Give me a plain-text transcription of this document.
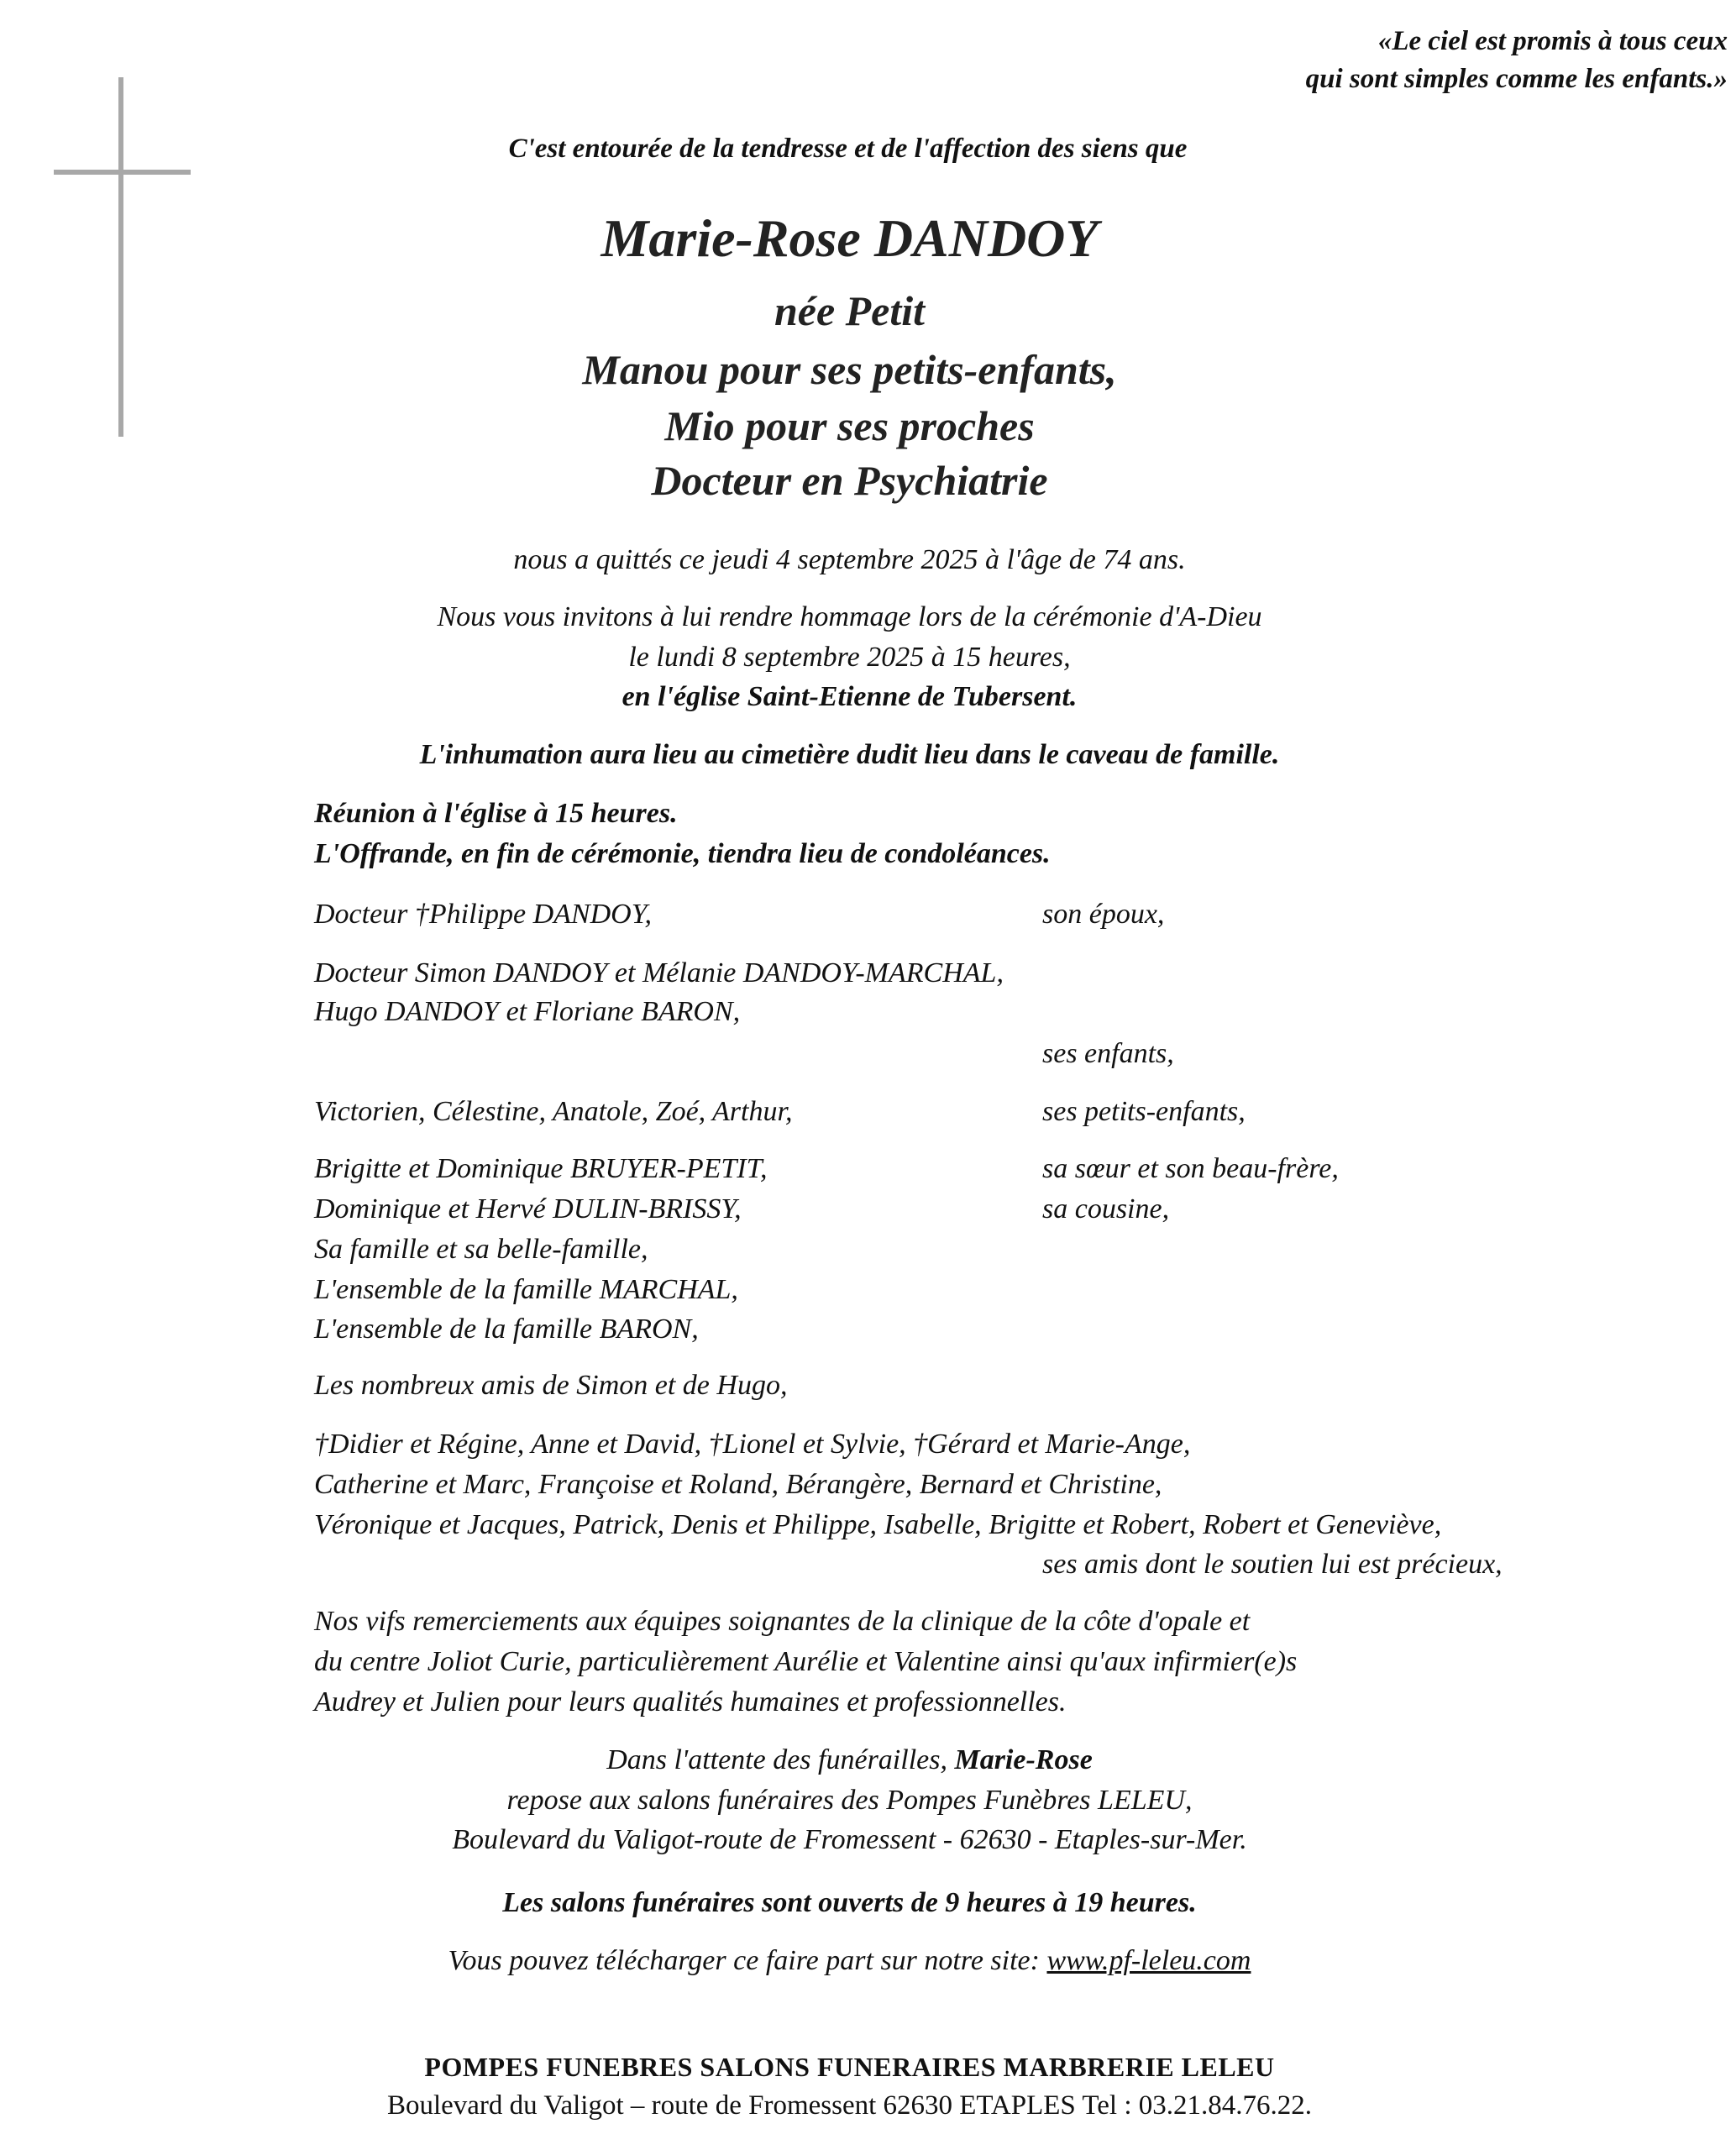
«Le ciel est promis à tous ceux
qui sont simples comme les enfants.»
C'est entourée de la tendresse et de l'affection des siens que
Marie-Rose DANDOY
née Petit
Manou pour ses petits-enfants,
Mio pour ses proches
Docteur en Psychiatrie
nous a quittés ce jeudi 4 septembre 2025 à l'âge de 74 ans.
Nous vous invitons à lui rendre hommage lors de la cérémonie d'A-Dieu
le lundi 8 septembre 2025 à 15 heures,
en l'église Saint-Etienne de Tubersent.
L'inhumation aura lieu au cimetière dudit lieu dans le caveau de famille.
Réunion à l'église à 15 heures.
L'Offrande, en fin de cérémonie, tiendra lieu de condoléances.
Docteur †Philippe DANDOY,	son époux,
Docteur Simon DANDOY et Mélanie DANDOY-MARCHAL,
Hugo DANDOY et Floriane BARON,
ses enfants,
Victorien, Célestine, Anatole, Zoé, Arthur,	ses petits-enfants,
Brigitte et Dominique BRUYER-PETIT,	sa sœur et son beau-frère,
Dominique et Hervé DULIN-BRISSY,	sa cousine,
Sa famille et sa belle-famille,
L'ensemble de la famille MARCHAL,
L'ensemble de la famille BARON,
Les nombreux amis de Simon et de Hugo,
†Didier et Régine, Anne et David, †Lionel et Sylvie, †Gérard et Marie-Ange,
Catherine et Marc, Françoise et Roland, Bérangère, Bernard et Christine,
Véronique et Jacques, Patrick, Denis et Philippe, Isabelle, Brigitte et Robert, Robert et Geneviève,
ses amis dont le soutien lui est précieux,
Nos vifs remerciements aux équipes soignantes de la clinique de la côte d'opale et
du centre Joliot Curie, particulièrement Aurélie et Valentine ainsi qu'aux infirmier(e)s
Audrey et Julien pour leurs qualités humaines et professionnelles.
Dans l'attente des funérailles, Marie-Rose
repose aux salons funéraires des Pompes Funèbres LELEU,
Boulevard du Valigot-route de Fromessent - 62630 - Etaples-sur-Mer.
Les salons funéraires sont ouverts de 9 heures à 19 heures.
Vous pouvez télécharger ce faire part sur notre site: www.pf-leleu.com
POMPES FUNEBRES SALONS FUNERAIRES MARBRERIE LELEU
Boulevard du Valigot – route de Fromessent 62630 ETAPLES Tel : 03.21.84.76.22.
